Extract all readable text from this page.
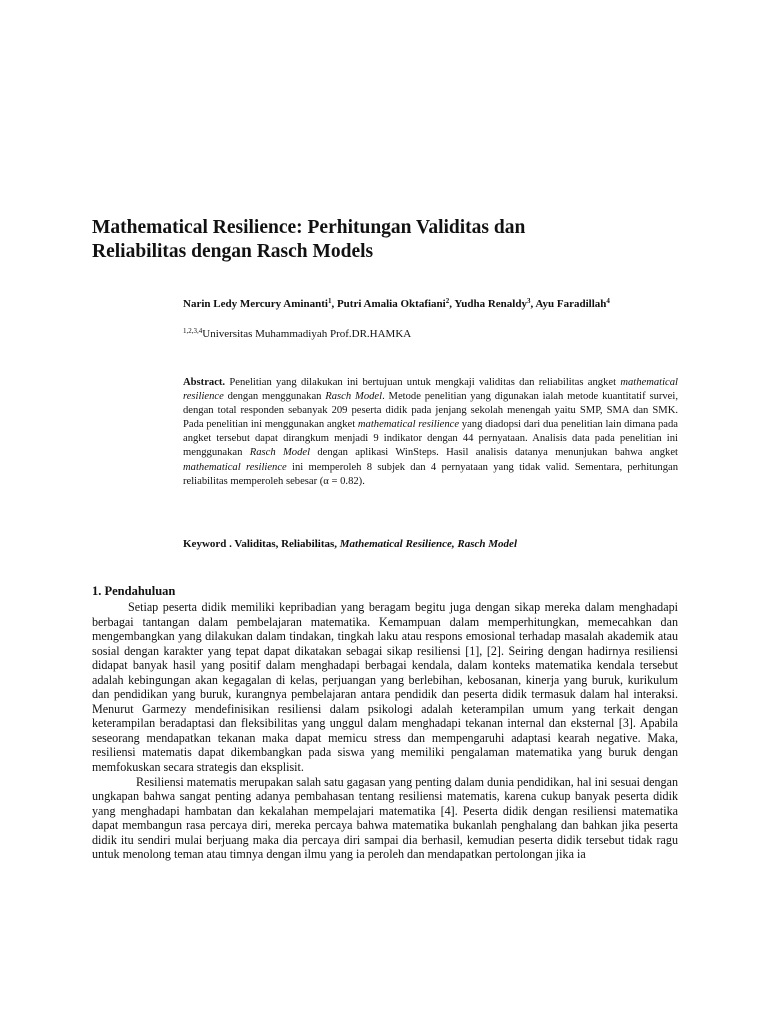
Mathematical Resilience: Perhitungan Validitas dan
Reliabilitas dengan Rasch Models
Narin Ledy Mercury Aminanti$^1$, Putri Amalia Oktafiani$^2$, Yudha Renaldy$^3$, Ayu Faradillah$^4$
$^{1,2,3,4}$Universitas Muhammadiyah Prof.DR.HAMKA

Abstract. Penelitian yang dilakukan ini bertujuan untuk mengkaji validitas dan reliabilitas angket mathematical resilience dengan menggunakan Rasch Model. Metode penelitian yang digunakan ialah metode kuantitatif survei, dengan total responden sebanyak 209 peserta didik pada jenjang sekolah menengah yaitu SMP, SMA dan SMK. Pada penelitian ini menggunakan angket mathematical resilience yang diadopsi dari dua penelitian lain dimana pada angket tersebut dapat dirangkum menjadi 9 indikator dengan 44 pernyataan. Analisis data pada penelitian ini menggunakan Rasch Model dengan aplikasi WinSteps. Hasil analisis datanya menunjukan bahwa angket mathematical resilience ini memperoleh 8 subjek dan 4 pernyataan yang tidak valid. Sementara, perhitungan reliabilitas memperoleh sebesar (α = 0.82).

Keyword . Validitas, Reliabilitas, Mathematical Resilience, Rasch Model
1. Pendahuluan

Setiap peserta didik memiliki kepribadian yang beragam begitu juga dengan sikap mereka dalam menghadapi berbagai tantangan dalam pembelajaran matematika. Kemampuan dalam memperhitungkan, memecahkan dan mengembangkan yang dilakukan dalam tindakan, tingkah laku atau respons emosional terhadap masalah akademik atau sosial dengan karakter yang tepat dapat dikatakan sebagai sikap resiliensi [1], [2]. Seiring dengan hadirnya resiliensi didapat banyak hasil yang positif dalam menghadapi berbagai kendala, dalam konteks matematika kendala tersebut adalah kebingungan akan kegagalan di kelas, perjuangan yang berlebihan, kebosanan, kinerja yang buruk, kurikulum dan pendidikan yang buruk, kurangnya pembelajaran antara pendidik dan peserta didik termasuk dalam hal interaksi. Menurut Garmezy mendefinisikan resiliensi dalam psikologi adalah keterampilan umum yang terkait dengan keterampilan beradaptasi dan fleksibilitas yang unggul dalam menghadapi tekanan internal dan eksternal [3]. Apabila seseorang mendapatkan tekanan maka dapat memicu stress dan mempengaruhi adaptasi kearah negative. Maka, resiliensi matematis dapat dikembangkan pada siswa yang memiliki pengalaman matematika yang buruk dengan memfokuskan secara strategis dan eksplisit.

Resiliensi matematis merupakan salah satu gagasan yang penting dalam dunia pendidikan, hal ini sesuai dengan ungkapan bahwa sangat penting adanya pembahasan tentang resiliensi matematis, karena cukup banyak peserta didik yang menghadapi hambatan dan kekalahan mempelajari matematika [4]. Peserta didik dengan resiliensi matematika dapat membangun rasa percaya diri, mereka percaya bahwa matematika bukanlah penghalang dan bahkan jika peserta didik itu sendiri mulai berjuang maka dia percaya diri sampai dia berhasil, kemudian peserta didik tersebut tidak ragu untuk menolong teman atau timnya dengan ilmu yang ia peroleh dan mendapatkan pertolongan jika ia
